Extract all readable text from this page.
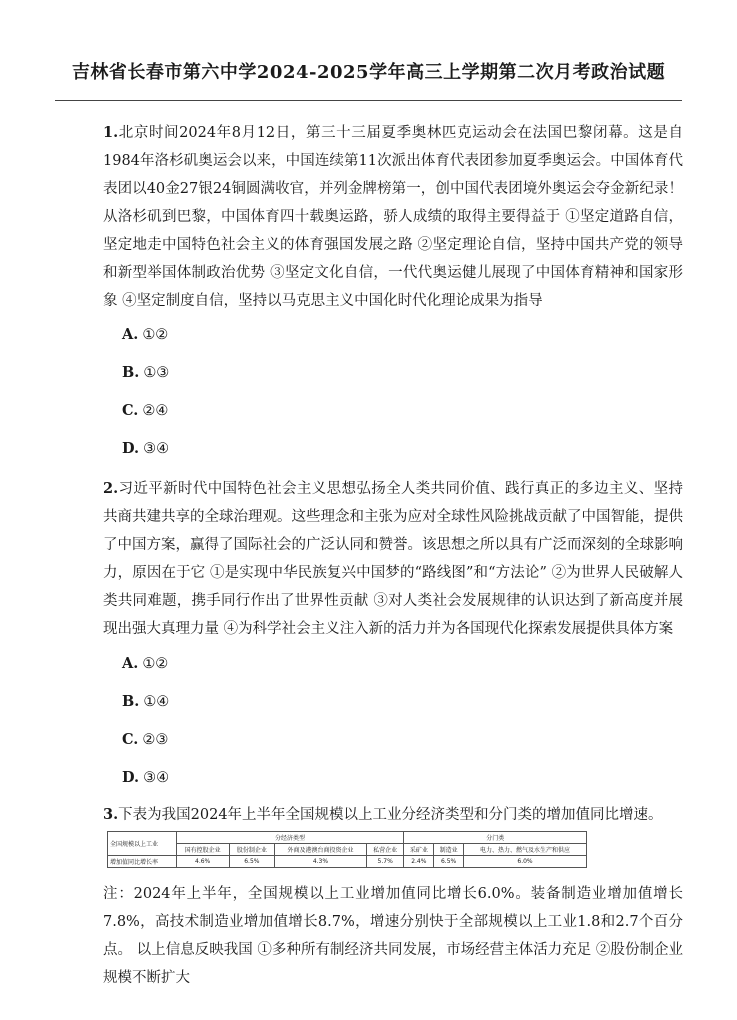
吉林省长春市第六中学2024-2025学年高三上学期第二次月考政治试题
1.北京时间2024年8月12日，第三十三届夏季奥林匹克运动会在法国巴黎闭幕。这是自1984年洛杉矶奥运会以来，中国连续第11次派出体育代表团参加夏季奥运会。中国体育代表团以40金27银24铜圆满收官，并列金牌榜第一，创中国代表团境外奥运会夺金新纪录！从洛杉矶到巴黎，中国体育四十载奥运路，骄人成绩的取得主要得益于 ①坚定道路自信，坚定地走中国特色社会主义的体育强国发展之路 ②坚定理论自信，坚持中国共产党的领导和新型举国体制政治优势 ③坚定文化自信，一代代奥运健儿展现了中国体育精神和国家形象 ④坚定制度自信，坚持以马克思主义中国化时代化理论成果为指导
A. ①②
B. ①③
C. ②④
D. ③④
2.习近平新时代中国特色社会主义思想弘扬全人类共同价值、践行真正的多边主义、坚持共商共建共享的全球治理观。这些理念和主张为应对全球性风险挑战贡献了中国智能，提供了中国方案，赢得了国际社会的广泛认同和赞誉。该思想之所以具有广泛而深刻的全球影响力，原因在于它 ①是实现中华民族复兴中国梦的“路线图”和“方法论” ②为世界人民破解人类共同难题，携手同行作出了世界性贡献 ③对人类社会发展规律的认识达到了新高度并展现出强大真理力量 ④为科学社会主义注入新的活力并为各国现代化探索发展提供具体方案
A. ①②
B. ①④
C. ②③
D. ③④
3.下表为我国2024年上半年全国规模以上工业分经济类型和分门类的增加值同比增速。
全国规模以上工业	分经济类型				分门类		
	国有控股企业	股份制企业	外商及港澳台商投资企业	私营企业	采矿业	制造业	电力、热力、燃气及水生产和供应
增加值同比增长率	4.6%	6.5%	4.3%	5.7%	2.4%	6.5%	6.0%
注：2024年上半年，全国规模以上工业增加值同比增长6.0%。装备制造业增加值增长7.8%，高技术制造业增加值增长8.7%，增速分别快于全部规模以上工业1.8和2.7个百分点。 以上信息反映我国 ①多种所有制经济共同发展，市场经营主体活力充足 ②股份制企业规模不断扩大
